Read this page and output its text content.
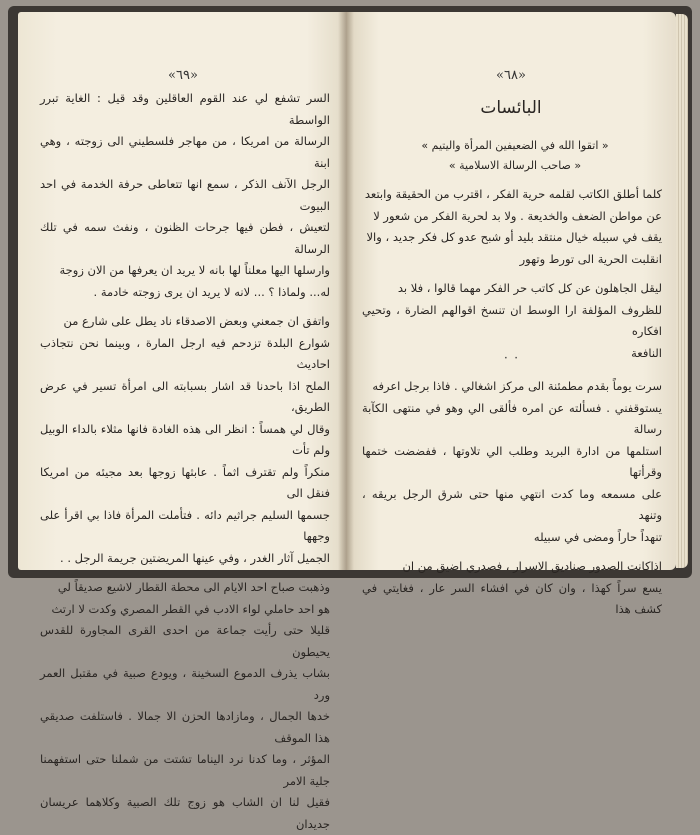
«٦٩»

السر تشفع لي عند القوم العاقلين وقد قيل : الغاية تبرر الواسطة

الرسالة من امريكا ، من مهاجر فلسطيني الى زوجته ، وهي ابنة

الرجل الآنف الذكر ، سمع انها تتعاطى حرفة الخدمة في احد البيوت

لتعيش ، فطن فيها جرحات الظنون ، ونفث سمه في تلك الرسالة

وارسلها اليها معلناً لها بانه لا يريد ان يعرفها من الان زوجة

له... ولماذا ؟ ... لانه لا يريد ان يرى زوجته خادمة .

واتفق ان جمعني وبعض الاصدقاء ناد يطل على شارع من

شوارع البلدة تزدحم فيه ارجل المارة ، وبينما نحن نتجاذب احاديث

الملح اذا باحدنا قد اشار بسبابته الى امرأة تسير في عرض الطريق،

وقال لي همساً : انظر الى هذه الغادة فانها مثلاء بالداء الوبيل ولم تأت

منكراً ولم تقترف اثماً . عابثها زوجها بعد مجيئه من امريكا فنقل الى

جسمها السليم جراثيم دائه . فتأملت المرأة فاذا بي اقرأ على وجهها

الجميل آثار الغدر ، وفي عينها المريضتين جريمة الرجل . .

وذهبت صباح احد الايام الى محطة القطار لاشيع صديقاً لي

هو احد حاملي لواء الادب في القطر المصري وكدت لا ارتث

قليلا حتى رأيت جماعة من احدى القرى المجاورة للقدس يحيطون

بشاب يذرف الدموع السخينة ، ويودع صبية في مقتبل العمر ورد

خدها الجمال ، ومازادها الحزن الا جمالا . فاستلفت صديقي هذا الموقف

المؤثر ، وما كدنا نرد اليناما تشتت من شملنا حتى استفهمنا جلية الامر

فقيل لنا ان الشاب هو زوج تلك الصبية وكلاهما عريسان جديدان

«٦٨»
البائسات

« اتقوا الله في الضعيفين المرأة واليتيم »

« صاحب الرسالة الاسلامية »

كلما أطلق الكاتب لقلمه حرية الفكر ، اقترب من الحقيقة وابتعد

عن مواطن الضعف والخديعة . ولا بد لحرية الفكر من شعور لا

يقف في سبيله خيال منتقد بليد أو شبح عدو كل فكر جديد ، والا

انقلبت الحرية الى تورط وتهور

ليقل الجاهلون عن كل كاتب حر الفكر مهما قالوا ، فلا بد

للظروف المؤلفة ارا الوسط ان تنسخ اقوالهم الضارة ، وتحيي افكاره

النافعة

٠ ٠

سرت يوماً بقدم مطمئنة الى مركز اشغالي . فاذا برجل اعرفه

يستوقفني . فسألته عن امره فألقى الي وهو في منتهى الكآبة رسالة

استلمها من ادارة البريد وطلب الي تلاوتها ، ففضضت ختمها وقرأتها

على مسمعه وما كدت انتهي منها حتى شرق الرجل بريقه ، وتنهد

تنهداً حاراً ومضى في سبيله

اذاكانت الصدور صناديق الاسرار ، فصدري اضيق من ان

يسع سراً كهذا ، وان كان في افشاء السر عار ، فغايتي في كشف هذا
